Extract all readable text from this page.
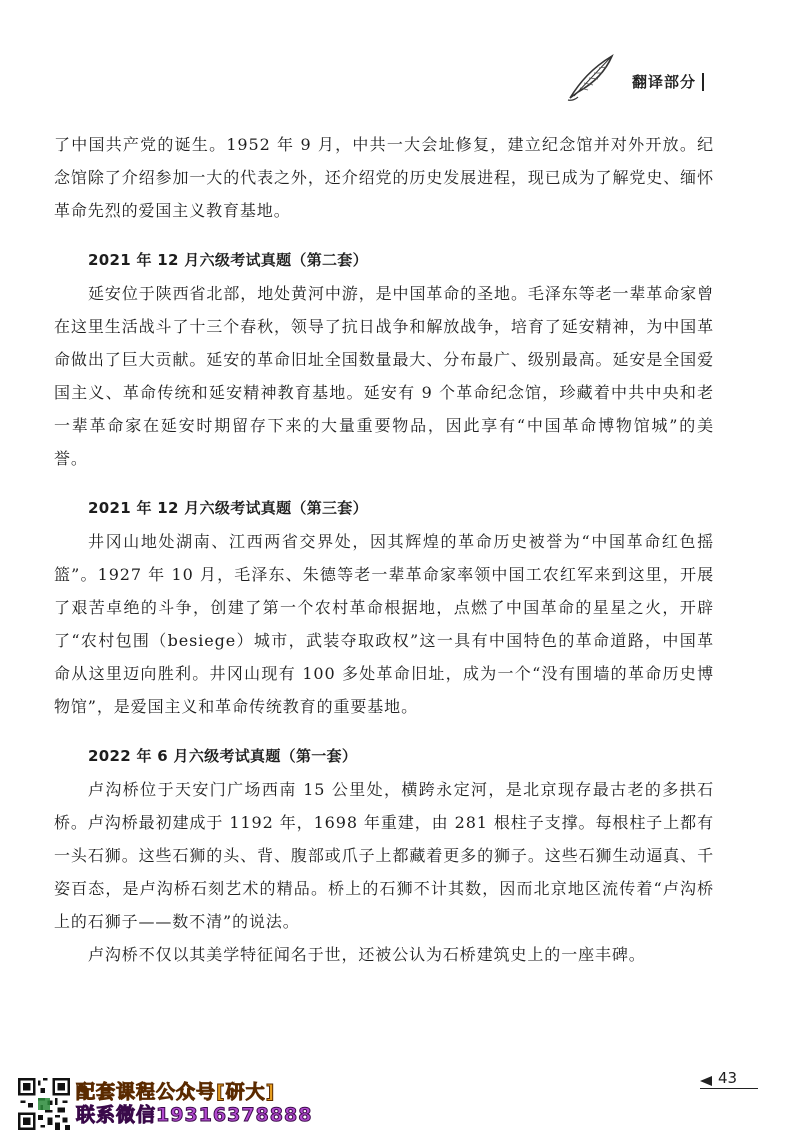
翻译部分

了中国共产党的诞生。1952 年 9 月，中共一大会址修复，建立纪念馆并对外开放。纪念馆除了介绍参加一大的代表之外，还介绍党的历史发展进程，现已成为了解党史、缅怀革命先烈的爱国主义教育基地。

2021 年 12 月六级考试真题（第二套）

延安位于陕西省北部，地处黄河中游，是中国革命的圣地。毛泽东等老一辈革命家曾在这里生活战斗了十三个春秋，领导了抗日战争和解放战争，培育了延安精神，为中国革命做出了巨大贡献。延安的革命旧址全国数量最大、分布最广、级别最高。延安是全国爱国主义、革命传统和延安精神教育基地。延安有 9 个革命纪念馆，珍藏着中共中央和老一辈革命家在延安时期留存下来的大量重要物品，因此享有“中国革命博物馆城”的美誉。

2021 年 12 月六级考试真题（第三套）

井冈山地处湖南、江西两省交界处，因其辉煌的革命历史被誉为“中国革命红色摇篮”。1927 年 10 月，毛泽东、朱德等老一辈革命家率领中国工农红军来到这里，开展了艰苦卓绝的斗争，创建了第一个农村革命根据地，点燃了中国革命的星星之火，开辟了“农村包围（besiege）城市，武装夺取政权”这一具有中国特色的革命道路，中国革命从这里迈向胜利。井冈山现有 100 多处革命旧址，成为一个“没有围墙的革命历史博物馆”，是爱国主义和革命传统教育的重要基地。

2022 年 6 月六级考试真题（第一套）

卢沟桥位于天安门广场西南 15 公里处，横跨永定河，是北京现存最古老的多拱石桥。卢沟桥最初建成于 1192 年，1698 年重建，由 281 根柱子支撑。每根柱子上都有一头石狮。这些石狮的头、背、腹部或爪子上都藏着更多的狮子。这些石狮生动逼真、千姿百态，是卢沟桥石刻艺术的精品。桥上的石狮不计其数，因而北京地区流传着“卢沟桥上的石狮子——数不清”的说法。

卢沟桥不仅以其美学特征闻名于世，还被公认为石桥建筑史上的一座丰碑。

43
配套课程公众号[研大]
联系微信19316378888
